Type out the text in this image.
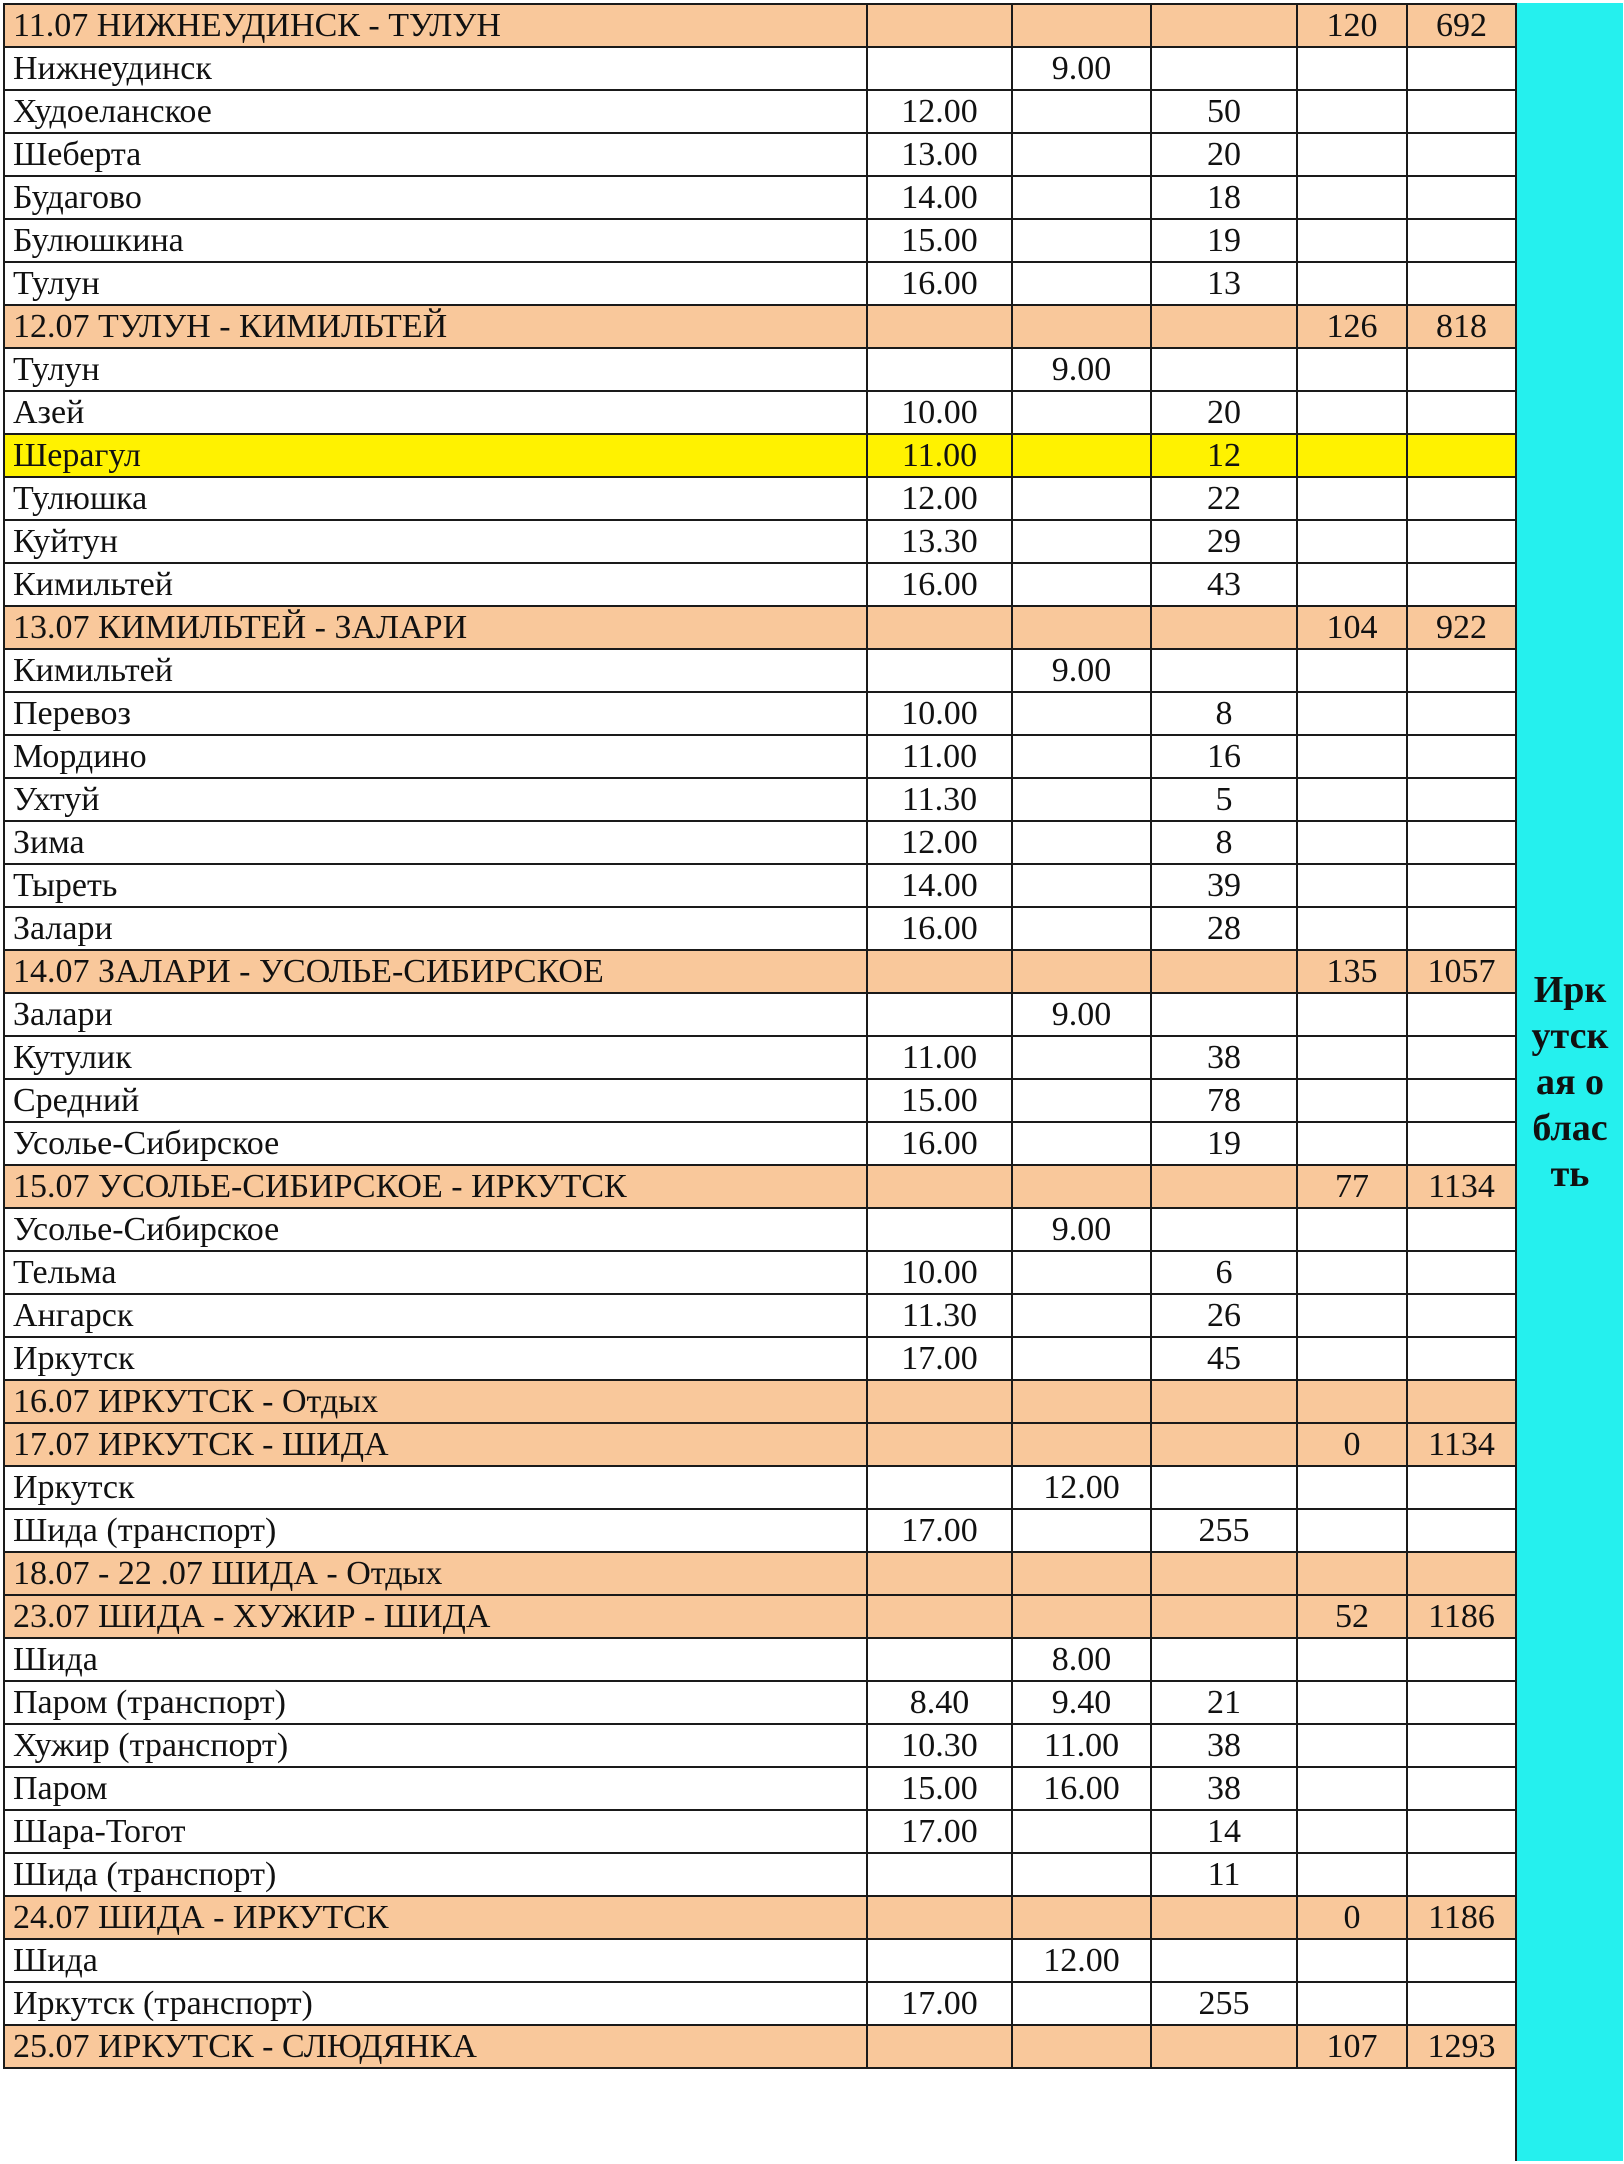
11.07 НИЖНЕУДИНСК - ТУЛУН				120	692
Нижнеудинск		9.00			
Худоеланское	12.00		50		
Шеберта	13.00		20		
Будагово	14.00		18		
Булюшкина	15.00		19		
Тулун	16.00		13		
12.07 ТУЛУН - КИМИЛЬТЕЙ				126	818
Тулун		9.00			
Азей	10.00		20		
Шерагул	11.00		12		
Тулюшка	12.00		22		
Куйтун	13.30		29		
Кимильтей	16.00		43		
13.07 КИМИЛЬТЕЙ - ЗАЛАРИ				104	922
Кимильтей		9.00			
Перевоз	10.00		8		
Мордино	11.00		16		
Ухтуй	11.30		5		
Зима	12.00		8		
Тыреть	14.00		39		
Залари	16.00		28		
14.07 ЗАЛАРИ - УСОЛЬЕ-СИБИРСКОЕ				135	1057
Залари		9.00			
Кутулик	11.00		38		
Средний	15.00		78		
Усолье-Сибирское	16.00		19		
15.07 УСОЛЬЕ-СИБИРСКОЕ - ИРКУТСК				77	1134
Усолье-Сибирское		9.00			
Тельма	10.00		6		
Ангарск	11.30		26		
Иркутск	17.00		45		
16.07 ИРКУТСК - Отдых					
17.07 ИРКУТСК - ШИДА				0	1134
Иркутск		12.00			
Шида (транспорт)	17.00		255		
18.07 - 22 .07 ШИДА - Отдых					
23.07 ШИДА - ХУЖИР - ШИДА				52	1186
Шида		8.00			
Паром (транспорт)	8.40	9.40	21		
Хужир (транспорт)	10.30	11.00	38		
Паром	15.00	16.00	38		
Шара-Тогот	17.00		14		
Шида (транспорт)			11		
24.07 ШИДА - ИРКУТСК				0	1186
Шида		12.00			
Иркутск (транспорт)	17.00		255		
25.07 ИРКУТСК - СЛЮДЯНКА				107	1293
Иркутская область
